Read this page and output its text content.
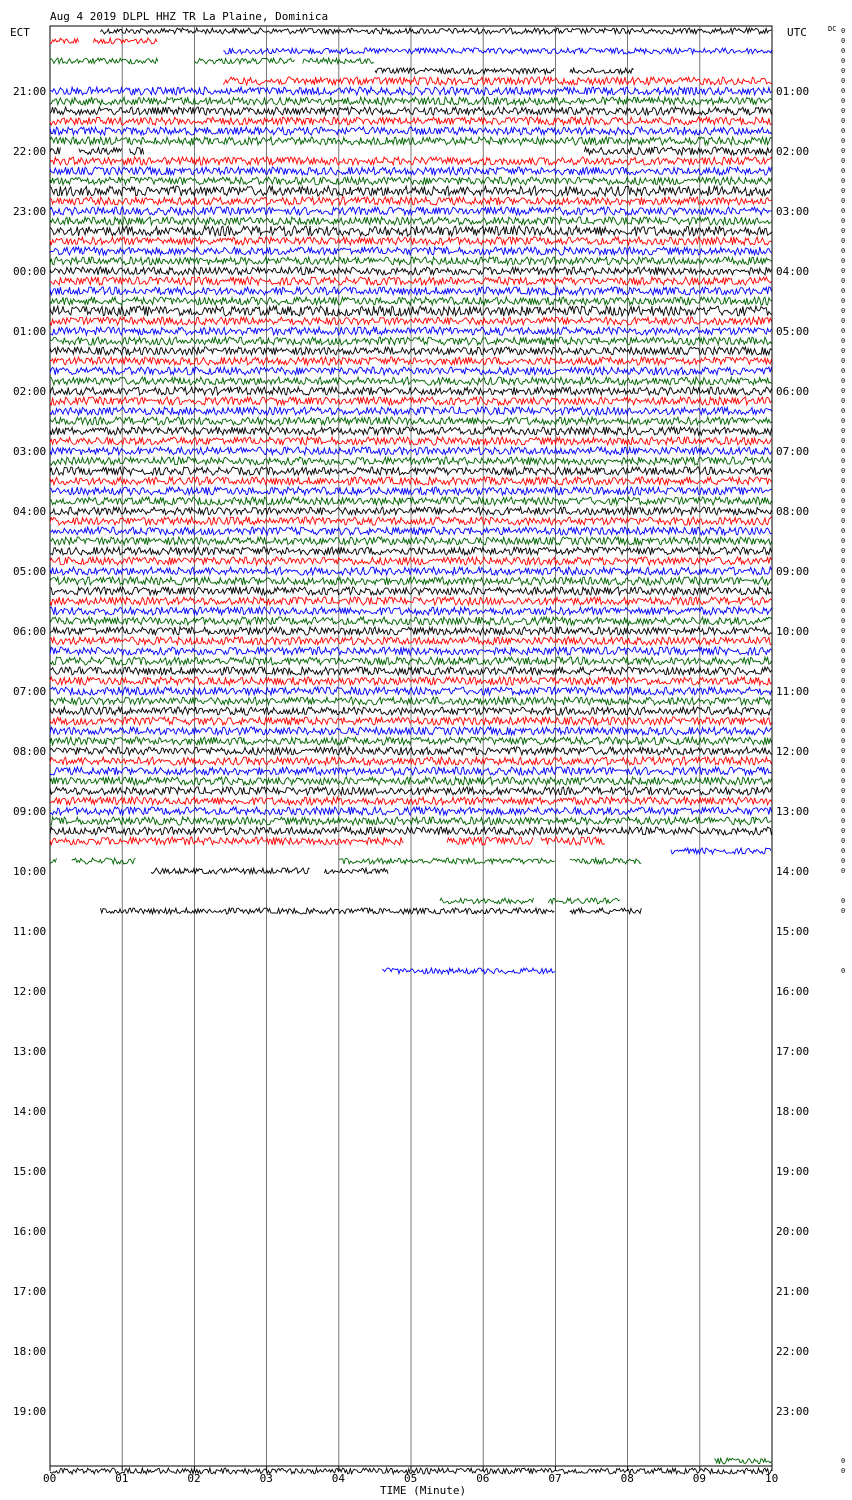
Aug 4 2019 DLPL HHZ TR La Plaine, Dominica
ECT	UTC	DC
TIME (Minute)
00	01	02	03	04	05	06	07	08	09	10
21:00
22:00
23:00
00:00
01:00
02:00
03:00
04:00
05:00
06:00
07:00
08:00
09:00
10:00
11:00
12:00
13:00
14:00
15:00
16:00
17:00
18:00
19:00
01:00
02:00
03:00
04:00
05:00
06:00
07:00
08:00
09:00
10:00
11:00
12:00
13:00
14:00
15:00
16:00
17:00
18:00
19:00
20:00
21:00
22:00
23:00
0
0
0
0
0
0
0
0
0
0
0
0
0
0
0
0
0
0
0
0
0
0
0
0
0
0
0
0
0
0
0
0
0
0
0
0
0
0
0
0
0
0
0
0
0
0
0
0
0
0
0
0
0
0
0
0
0
0
0
0
0
0
0
0
0
0
0
0
0
0
0
0
0
0
0
0
0
0
0
0
0
0
0
0
0
0
0
0
0
0
